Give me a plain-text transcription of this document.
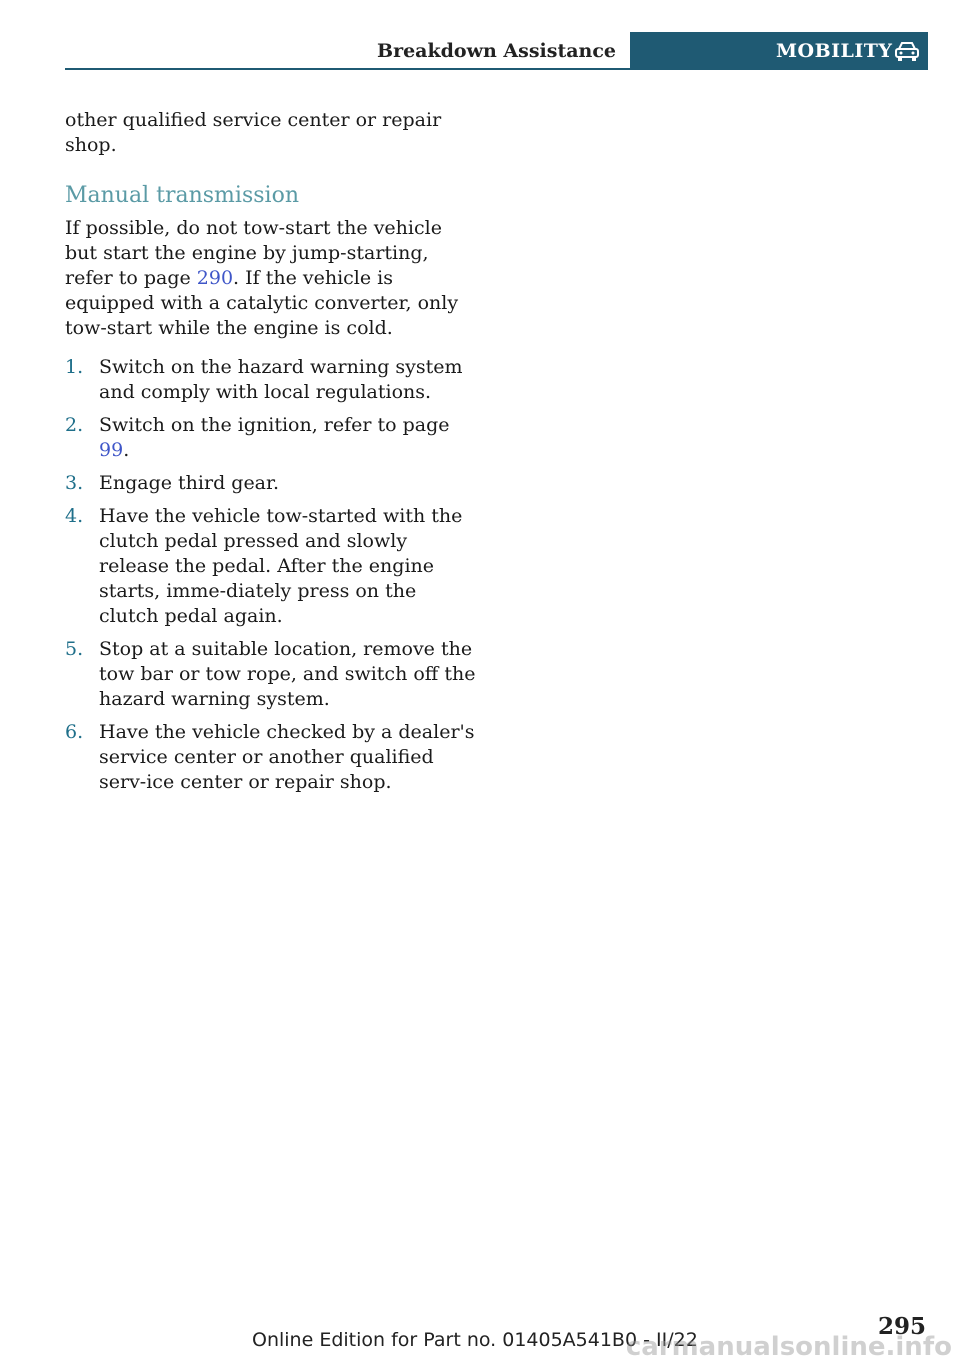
Breakdown Assistance	MOBILITY

other qualified service center or repair shop.

Manual transmission

If possible, do not tow-start the vehicle but start the engine by jump-starting, refer to page 290. If the vehicle is equipped with a catalytic converter, only tow-start while the engine is cold.

1. Switch on the hazard warning system and comply with local regulations.
2. Switch on the ignition, refer to page 99.
3. Engage third gear.
4. Have the vehicle tow-started with the clutch pedal pressed and slowly release the pedal. After the engine starts, imme-diately press on the clutch pedal again.
5. Stop at a suitable location, remove the tow bar or tow rope, and switch off the hazard warning system.
6. Have the vehicle checked by a dealer's service center or another qualified serv-ice center or repair shop.
295
Online Edition for Part no. 01405A541B0 - II/22
carmanualsonline.info
